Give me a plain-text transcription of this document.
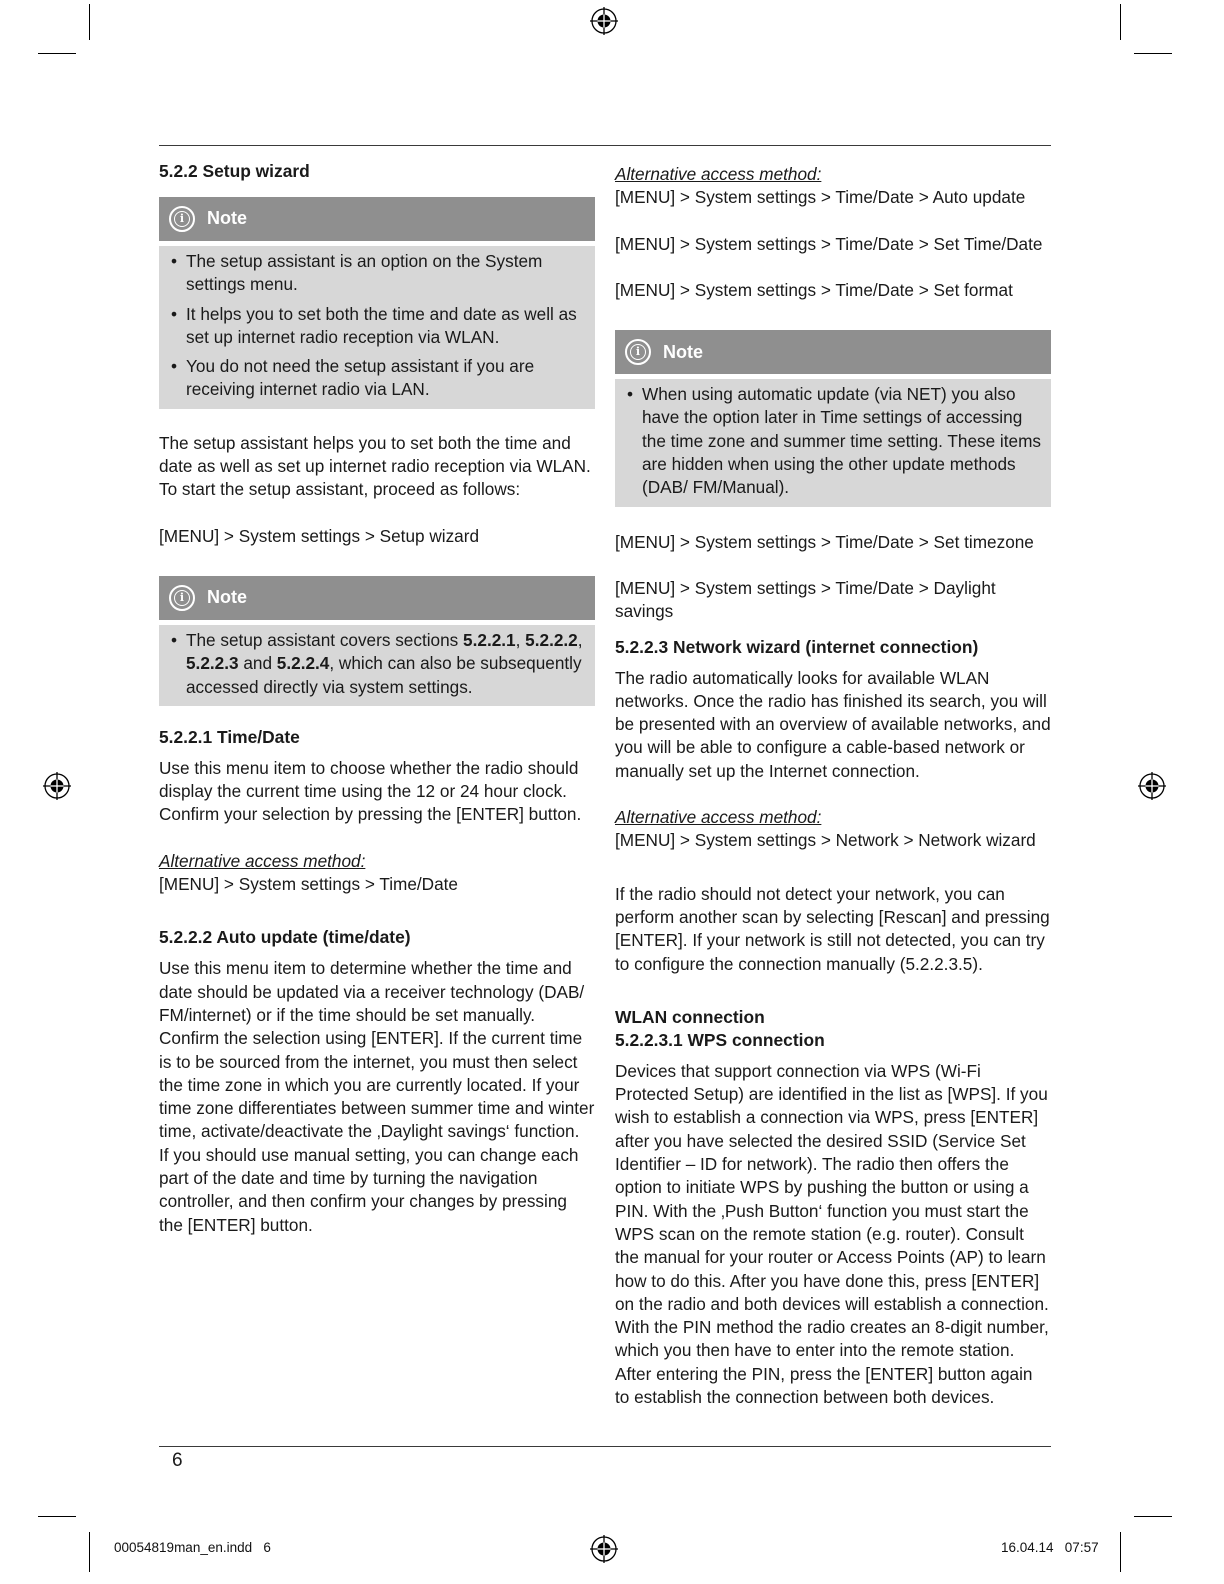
5.2.2 Setup wizard

i	Note
• The setup assistant is an option on the System settings menu.
• It helps you to set both the time and date as well as set up internet radio reception via WLAN.
• You do not need the setup assistant if you are receiving internet radio via LAN.

The setup assistant helps you to set both the time and date as well as set up internet radio reception via WLAN. To start the setup assistant, proceed as follows:

[MENU] > System settings > Setup wizard

i	Note
• The setup assistant covers sections 5.2.2.1, 5.2.2.2, 5.2.2.3 and 5.2.2.4, which can also be subsequently accessed directly via system settings.

5.2.2.1 Time/Date

Use this menu item to choose whether the radio should display the current time using the 12 or 24 hour clock. Confirm your selection by pressing the [ENTER] button.

Alternative access method:

[MENU] > System settings > Time/Date

5.2.2.2 Auto update (time/date)

Use this menu item to determine whether the time and date should be updated via a receiver technology (DAB/ FM/internet) or if the time should be set manually. Confirm the selection using [ENTER]. If the current time is to be sourced from the internet, you must then select the time zone in which you are currently located. If your time zone differentiates between summer time and winter time, activate/deactivate the ‚Daylight savings‘ function.

If you should use manual setting, you can change each part of the date and time by turning the navigation controller, and then confirm your changes by pressing the [ENTER] button.

Alternative access method:

[MENU] > System settings > Time/Date > Auto update

[MENU] > System settings > Time/Date > Set Time/Date

[MENU] > System settings > Time/Date > Set format

i	Note
• When using automatic update (via NET) you also have the option later in Time settings of accessing the time zone and summer time setting. These items are hidden when using the other update methods (DAB/ FM/Manual).

[MENU] > System settings > Time/Date > Set timezone

[MENU] > System settings > Time/Date > Daylight savings

5.2.2.3 Network wizard (internet connection)

The radio automatically looks for available WLAN networks. Once the radio has finished its search, you will be presented with an overview of available networks, and you will be able to configure a cable-based network or manually set up the Internet connection.

Alternative access method:

[MENU] > System settings > Network > Network wizard

If the radio should not detect your network, you can perform another scan by selecting [Rescan] and pressing [ENTER]. If your network is still not detected, you can try to configure the connection manually (5.2.2.3.5).

WLAN connection

5.2.2.3.1 WPS connection

Devices that support connection via WPS (Wi-Fi Protected Setup) are identified in the list as [WPS]. If you wish to establish a connection via WPS, press [ENTER] after you have selected the desired SSID (Service Set Identifier – ID for network). The radio then offers the option to initiate WPS by pushing the button or using a PIN. With the ‚Push Button‘ function you must start the WPS scan on the remote station (e.g. router). Consult the manual for your router or Access Points (AP) to learn how to do this. After you have done this, press [ENTER] on the radio and both devices will establish a connection.

With the PIN method the radio creates an 8-digit number, which you then have to enter into the remote station. After entering the PIN, press the [ENTER] button again to establish the connection between both devices.

6
00054819man_en.indd   6	16.04.14   07:57
